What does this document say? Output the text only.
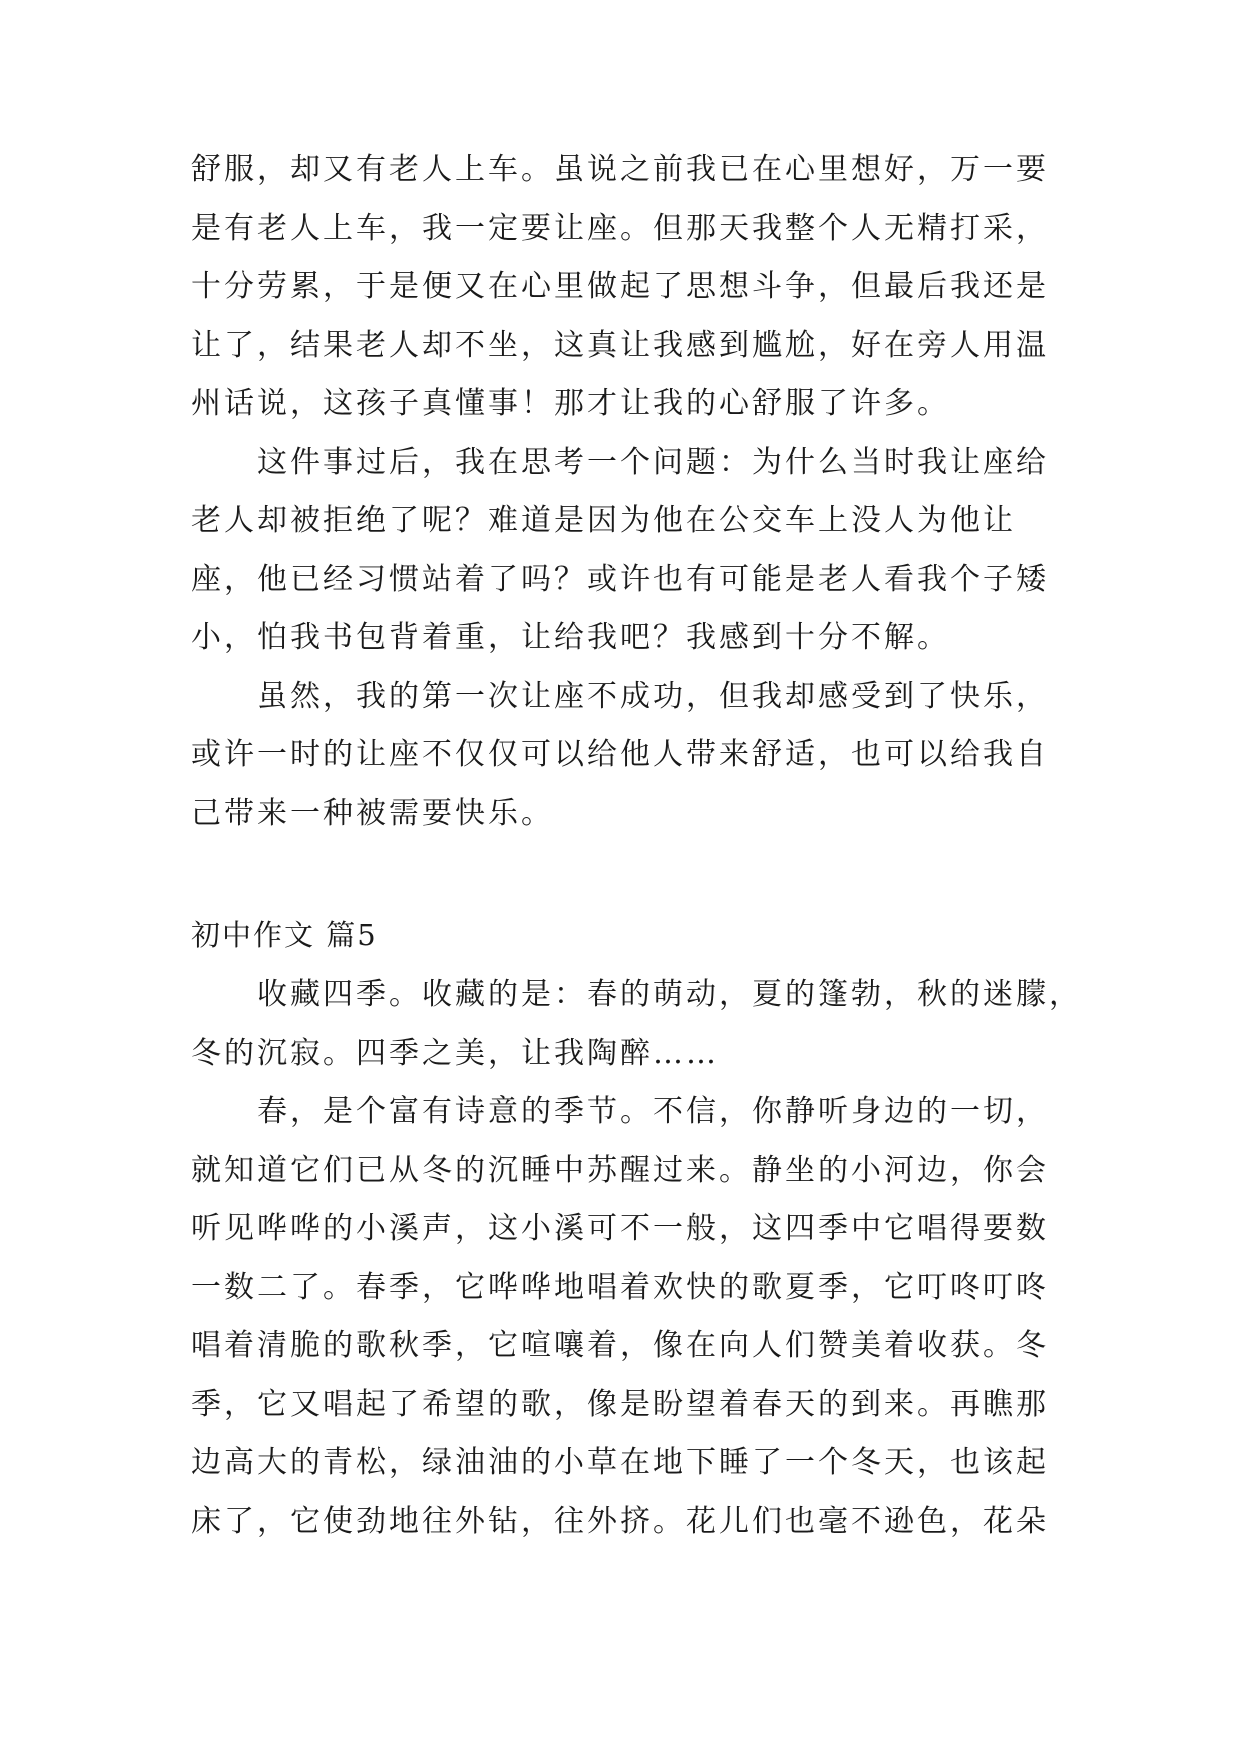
舒服，却又有老人上车。虽说之前我已在心里想好，万一要
是有老人上车，我一定要让座。但那天我整个人无精打采，
十分劳累，于是便又在心里做起了思想斗争，但最后我还是
让了，结果老人却不坐，这真让我感到尴尬，好在旁人用温
州话说，这孩子真懂事！那才让我的心舒服了许多。
这件事过后，我在思考一个问题：为什么当时我让座给
老人却被拒绝了呢？难道是因为他在公交车上没人为他让
座，他已经习惯站着了吗？或许也有可能是老人看我个子矮
小，怕我书包背着重，让给我吧？我感到十分不解。
虽然，我的第一次让座不成功，但我却感受到了快乐，
或许一时的让座不仅仅可以给他人带来舒适，也可以给我自
己带来一种被需要快乐。
初中作文 篇5
收藏四季。收藏的是：春的萌动，夏的篷勃，秋的迷朦，
冬的沉寂。四季之美，让我陶醉……
春，是个富有诗意的季节。不信，你静听身边的一切，
就知道它们已从冬的沉睡中苏醒过来。静坐的小河边，你会
听见哗哗的小溪声，这小溪可不一般，这四季中它唱得要数
一数二了。春季，它哗哗地唱着欢快的歌夏季，它叮咚叮咚
唱着清脆的歌秋季，它喧嚷着，像在向人们赞美着收获。冬
季，它又唱起了希望的歌，像是盼望着春天的到来。再瞧那
边高大的青松，绿油油的小草在地下睡了一个冬天，也该起
床了，它使劲地往外钻，往外挤。花儿们也毫不逊色，花朵
